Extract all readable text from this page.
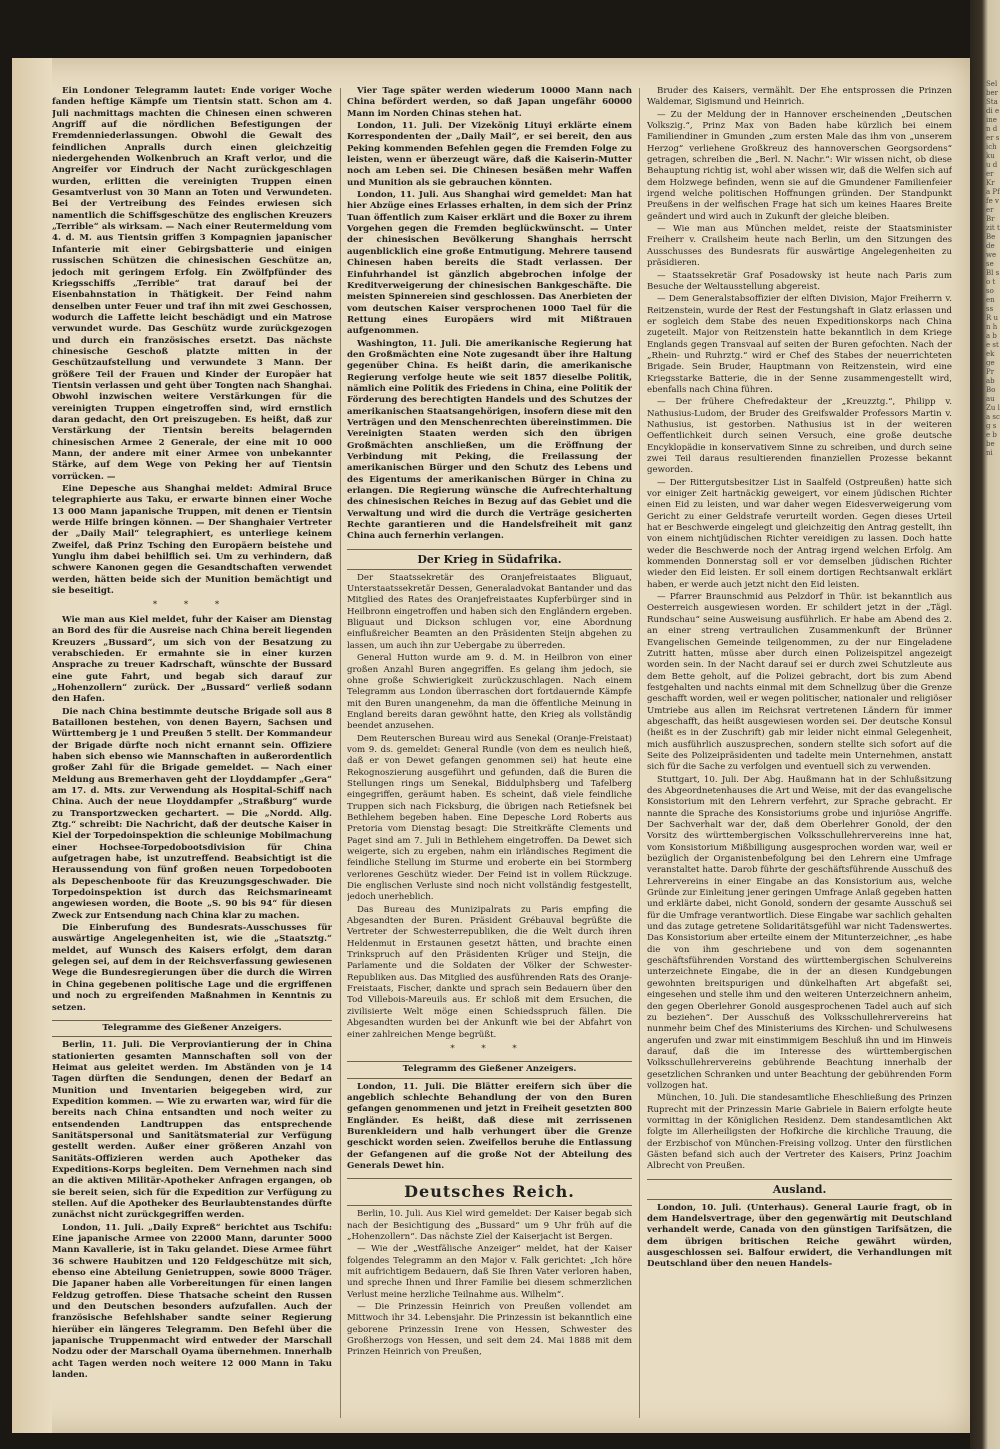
Sel ber Stadi einen der sich ku u der Kr a Pf fe ver Br zit t Be de we se Bl so t so en ss R un ha be st ek ge Pr ab Bo au Zu la sc g se b be ni

Ein Londoner Telegramm lautet: Ende voriger Woche fanden heftige Kämpfe um Tientsin statt. Schon am 4. Juli nachmittags machten die Chinesen einen schweren Angriff auf die nördlichen Befestigungen der Fremdenniederlassungen. Obwohl die Gewalt des feindlichen Anpralls durch einen gleichzeitig niedergehenden Wolkenbruch an Kraft verlor, und die Angreifer vor Eindruch der Nacht zurückgeschlagen wurden, erlitten die vereinigten Truppen einen Gesamtverlust von 30 Mann an Toten und Verwundeten. Bei der Vertreibung des Feindes erwiesen sich namentlich die Schiffsgeschütze des englischen Kreuzers „Terrible“ als wirksam. — Nach einer Reutermeldung vom 4. d. M. aus Tientsin griffen 3 Kompagnien japanischer Infanterie mit einer Gebirgsbatterie und einigen russischen Schützen die chinesischen Geschütze an, jedoch mit geringem Erfolg. Ein Zwölfpfünder des Kriegsschiffs „Terrible“ trat darauf bei der Eisenbahnstation in Thätigkeit. Der Feind nahm denselben unter Feuer und traf ihn mit zwei Geschossen, wodurch die Laffette leicht beschädigt und ein Matrose verwundet wurde. Das Geschütz wurde zurückgezogen und durch ein französisches ersetzt. Das nächste chinesische Geschoß platzte mitten in der Geschützaufstellung und verwundete 3 Mann. Der größere Teil der Frauen und Kinder der Europäer hat Tientsin verlassen und geht über Tongten nach Shanghai. Obwohl inzwischen weitere Verstärkungen für die vereinigten Truppen eingetroffen sind, wird ernstlich daran gedacht, den Ort preiszugeben. Es heißt, daß zur Verstärkung der Tientsin bereits belagernden chinesischen Armee 2 Generale, der eine mit 10 000 Mann, der andere mit einer Armee von unbekannter Stärke, auf dem Wege von Peking her auf Tientsin vorrücken. —

Eine Depesche aus Shanghai meldet: Admiral Bruce telegraphierte aus Taku, er erwarte binnen einer Woche 13 000 Mann japanische Truppen, mit denen er Tientsin werde Hilfe bringen können. — Der Shanghaier Vertreter der „Daily Mail“ telegraphiert, es unterliege keinem Zweifel, daß Prinz Tsching den Europäern beistehe und Yunglu ihm dabei behilflich sei. Um zu verhindern, daß schwere Kanonen gegen die Gesandtschaften verwendet werden, hätten beide sich der Munition bemächtigt und sie beseitigt.

* * *

Wie man aus Kiel meldet, fuhr der Kaiser am Dienstag an Bord des für die Ausreise nach China bereit liegenden Kreuzers „Bussard“, um sich von der Besatzung zu verabschieden. Er ermahnte sie in einer kurzen Ansprache zu treuer Kadrschaft, wünschte der Bussard eine gute Fahrt, und begab sich darauf zur „Hohenzollern“ zurück. Der „Bussard“ verließ sodann den Hafen.

Die nach China bestimmte deutsche Brigade soll aus 8 Bataillonen bestehen, von denen Bayern, Sachsen und Württemberg je 1 und Preußen 5 stellt. Der Kommandeur der Brigade dürfte noch nicht ernannt sein. Offiziere haben sich ebenso wie Mannschaften in außerordentlich großer Zahl für die Brigade gemeldet. — Nach einer Meldung aus Bremerhaven geht der Lloyddampfer „Gera“ am 17. d. Mts. zur Verwendung als Hospital-Schiff nach China. Auch der neue Lloyddampfer „Straßburg“ wurde zu Transportzwecken gechartert. — Die „Nordd. Allg. Ztg.“ schreibt: Die Nachricht, daß der deutsche Kaiser in Kiel der Torpedoinspektion die schleunige Mobilmachung einer Hochsee-Torpedobootsdivision für China aufgetragen habe, ist unzutreffend. Beabsichtigt ist die Heraussendung von fünf großen neuen Torpedobooten als Depeschenboote für das Kreuzungsgeschwader. Die Torpedoinspektion ist durch das Reichsmarineamt angewiesen worden, die Boote „S. 90 bis 94“ für diesen Zweck zur Entsendung nach China klar zu machen.

Die Einberufung des Bundesrats-Ausschusses für auswärtige Angelegenheiten ist, wie die „Staatsztg.“ meldet, auf Wunsch des Kaisers erfolgt, dem daran gelegen sei, auf dem in der Reichsverfassung gewiesenen Wege die Bundesregierungen über die durch die Wirren in China gegebenen politische Lage und die ergriffenen und noch zu ergreifenden Maßnahmen in Kenntnis zu setzen.

Telegramme des Gießener Anzeigers.

Berlin, 11. Juli. Die Verproviantierung der in China stationierten gesamten Mannschaften soll von der Heimat aus geleitet werden. Im Abständen von je 14 Tagen dürften die Sendungen, denen der Bedarf an Munition und Inventarien beigegeben wird, zur Expedition kommen. — Wie zu erwarten war, wird für die bereits nach China entsandten und noch weiter zu entsendenden Landtruppen das entsprechende Sanitätspersonal und Sanitätsmaterial zur Verfügung gestellt werden. Außer einer größeren Anzahl von Sanitäts-Offizieren werden auch Apotheker das Expeditions-Korps begleiten. Dem Vernehmen nach sind an die aktiven Militär-Apotheker Anfragen ergangen, ob sie bereit seien, sich für die Expedition zur Verfügung zu stellen. Auf die Apotheker des Beurlaubtenstandes dürfte zunächst nicht zurückgegriffen werden.

London, 11. Juli. „Daily Expreß“ berichtet aus Tschifu: Eine japanische Armee von 22000 Mann, darunter 5000 Mann Kavallerie, ist in Taku gelandet. Diese Armee führt 36 schwere Haubitzen und 120 Feldgeschütze mit sich, ebenso eine Abteilung Genietruppen, sowie 8000 Träger. Die Japaner haben alle Vorbereitungen für einen langen Feldzug getroffen. Diese Thatsache scheint den Russen und den Deutschen besonders aufzufallen. Auch der französische Befehlshaber sandte seiner Regierung hierüber ein längeres Telegramm. Den Befehl über die japanische Truppenmacht wird entweder der Marschall Nodzu oder der Marschall Oyama übernehmen. Innerhalb acht Tagen werden noch weitere 12 000 Mann in Taku landen.

Vier Tage später werden wiederum 10000 Mann nach China befördert werden, so daß Japan ungefähr 60000 Mann im Norden Chinas stehen hat.

London, 11. Juli. Der Vizekönig Lituyi erklärte einem Korrespondenten der „Daily Mail“, er sei bereit, den aus Peking kommenden Befehlen gegen die Fremden Folge zu leisten, wenn er überzeugt wäre, daß die Kaiserin-Mutter noch am Leben sei. Die Chinesen besäßen mehr Waffen und Munition als sie gebrauchen könnten.

London, 11. Juli. Aus Shanghai wird gemeldet: Man hat hier Abzüge eines Erlasses erhalten, in dem sich der Prinz Tuan öffentlich zum Kaiser erklärt und die Boxer zu ihrem Vorgehen gegen die Fremden beglückwünscht. — Unter der chinesischen Bevölkerung Shanghais herrscht augenblicklich eine große Entmutigung. Mehrere tausend Chinesen haben bereits die Stadt verlassen. Der Einfuhrhandel ist gänzlich abgebrochen infolge der Kreditverweigerung der chinesischen Bankgeschäfte. Die meisten Spinnereien sind geschlossen. Das Anerbieten der vom deutschen Kaiser versprochenen 1000 Tael für die Rettung eines Europäers wird mit Mißtrauen aufgenommen.

Washington, 11. Juli. Die amerikanische Regierung hat den Großmächten eine Note zugesandt über ihre Haltung gegenüber China. Es heißt darin, die amerikanische Regierung verfolge heute wie seit 1857 dieselbe Politik, nämlich eine Politik des Friedens in China, eine Politik der Förderung des berechtigten Handels und des Schutzes der amerikanischen Staatsangehörigen, insofern diese mit den Verträgen und den Menschenrechten übereinstimmen. Die Vereinigten Staaten werden sich den übrigen Großmächten anschließen, um die Eröffnung der Verbindung mit Peking, die Freilassung der amerikanischen Bürger und den Schutz des Lebens und des Eigentums der amerikanischen Bürger in China zu erlangen. Die Regierung wünsche die Aufrechterhaltung des chinesischen Reiches in Bezug auf das Gebiet und die Verwaltung und wird die durch die Verträge gesicherten Rechte garantieren und die Handelsfreiheit mit ganz China auch fernerhin verlangen.

Der Krieg in Südafrika.

Der Staatssekretär des Oranjefreistaates Bliguaut, Unterstaatssekretär Dessen, Generaladvokat Bantander und das Mitglied des Rates des Oranjefreistaates Kupferbürger sind in Heilbronn eingetroffen und haben sich den Engländern ergeben. Bliguaut und Dickson schlugen vor, eine Abordnung einflußreicher Beamten an den Präsidenten Steijn abgehen zu lassen, um auch ihn zur Uebergabe zu überreden.

General Hutton wurde am 9. d. M. in Heilbron von einer großen Anzahl Buren angegriffen. Es gelang ihm jedoch, sie ohne große Schwierigkeit zurückzuschlagen. Nach einem Telegramm aus London überraschen dort fortdauernde Kämpfe mit den Buren unangenehm, da man die öffentliche Meinung in England bereits daran gewöhnt hatte, den Krieg als vollständig beendet anzusehen.

Dem Reuterschen Bureau wird aus Senekal (Oranje-Freistaat) vom 9. ds. gemeldet: General Rundle (von dem es neulich hieß, daß er von Dewet gefangen genommen sei) hat heute eine Rekognoszierung ausgeführt und gefunden, daß die Buren die Stellungen rings um Senekal, Biddulphsberg und Tafelberg eingegriffen, geräumt haben. Es scheint, daß viele feindliche Truppen sich nach Ficksburg, die übrigen nach Retiefsnek bei Bethlehem begeben haben. Eine Depesche Lord Roberts aus Pretoria vom Dienstag besagt: Die Streitkräfte Clements und Paget sind am 7. Juli in Bethlehem eingetroffen. Da Dewet sich weigerte, sich zu ergeben, nahm ein irländisches Regiment die feindliche Stellung im Sturme und eroberte ein bei Stormberg verlorenes Geschütz wieder. Der Feind ist in vollem Rückzuge. Die englischen Verluste sind noch nicht vollständig festgestellt, jedoch unerheblich.

Das Bureau des Munizipalrats zu Paris empfing die Abgesandten der Buren. Präsident Grébauval begrüßte die Vertreter der Schwesterrepubliken, die die Welt durch ihren Heldenmut in Erstaunen gesetzt hätten, und brachte einen Trinkspruch auf den Präsidenten Krüger und Steijn, die Parlamente und die Soldaten der Völker der Schwester-Republiken aus. Das Mitglied des ausführenden Rats des Oranje-Freistaats, Fischer, dankte und sprach sein Bedauern über den Tod Villebois-Mareuils aus. Er schloß mit dem Ersuchen, die zivilisierte Welt möge einen Schiedsspruch fällen. Die Abgesandten wurden bei der Ankunft wie bei der Abfahrt von einer zahlreichen Menge begrüßt.

* * *
Telegramm des Gießener Anzeigers.

London, 11. Juli. Die Blätter ereifern sich über die angeblich schlechte Behandlung der von den Buren gefangen genommenen und jetzt in Freiheit gesetzten 800 Engländer. Es heißt, daß diese mit zerrissenen Burenkleidern und halb verhungert über die Grenze geschickt worden seien. Zweifellos beruhe die Entlassung der Gefangenen auf die große Not der Abteilung des Generals Dewet hin.

Deutsches Reich.

Berlin, 10. Juli. Aus Kiel wird gemeldet: Der Kaiser begab sich nach der Besichtigung des „Bussard“ um 9 Uhr früh auf die „Hohenzollern“. Das nächste Ziel der Kaiserjacht ist Bergen.

— Wie der „Westfälische Anzeiger“ meldet, hat der Kaiser folgendes Telegramm an den Major v. Falk gerichtet: „Ich höre mit aufrichtigem Bedauern, daß Sie Ihren Vater verloren haben, und spreche Ihnen und Ihrer Familie bei diesem schmerzlichen Verlust meine herzliche Teilnahme aus. Wilhelm“.

— Die Prinzessin Heinrich von Preußen vollendet am Mittwoch ihr 34. Lebensjahr. Die Prinzessin ist bekanntlich eine geborene Prinzessin Irene von Hessen, Schwester des Großherzogs von Hessen, und seit dem 24. Mai 1888 mit dem Prinzen Heinrich von Preußen,

Bruder des Kaisers, vermählt. Der Ehe entsprossen die Prinzen Waldemar, Sigismund und Heinrich.

— Zu der Meldung der in Hannover erscheinenden „Deutschen Volkszig.“, Prinz Max von Baden habe kürzlich bei einem Familiendiner in Gmunden „zum ersten Male das ihm von „unserem Herzog“ verliehene Großkreuz des hannoverschen Georgsordens“ getragen, schreiben die „Berl. N. Nachr.“: Wir wissen nicht, ob diese Behauptung richtig ist, wohl aber wissen wir, daß die Welfen sich auf dem Holzwege befinden, wenn sie auf die Gmundener Familienfeier irgend welche politischen Hoffnungen gründen. Der Standpunkt Preußens in der welfischen Frage hat sich um keines Haares Breite geändert und wird auch in Zukunft der gleiche bleiben.

— Wie man aus München meldet, reiste der Staatsminister Freiherr v. Crailsheim heute nach Berlin, um den Sitzungen des Ausschusses des Bundesrats für auswärtige Angelegenheiten zu präsidieren.

— Staatssekretär Graf Posadowsky ist heute nach Paris zum Besuche der Weltausstellung abgereist.

— Dem Generalstabsoffizier der elften Division, Major Freiherrn v. Reitzenstein, wurde der Rest der Festungshaft in Glatz erlassen und er sogleich dem Stabe des neuen Expeditionskorps nach China zugeteilt. Major von Reitzenstein hatte bekanntlich in dem Kriege Englands gegen Transvaal auf seiten der Buren gefochten. Nach der „Rhein- und Ruhrztg.“ wird er Chef des Stabes der neuerrichteten Brigade. Sein Bruder, Hauptmann von Reitzenstein, wird eine Kriegsstarke Batterie, die in der Senne zusammengestellt wird, ebenfalls nach China führen.

— Der frühere Chefredakteur der „Kreuzztg.“, Philipp v. Nathusius-Ludom, der Bruder des Greifswalder Professors Martin v. Nathusius, ist gestorben. Nathusius ist in der weiteren Oeffentlichkeit durch seinen Versuch, eine große deutsche Encyklopädie in konservativem Sinne zu schreiben, und durch seine zwei Teil daraus resultierenden finanziellen Prozesse bekannt geworden.

— Der Rittergutsbesitzer List in Saalfeld (Ostpreußen) hatte sich vor einiger Zeit hartnäckig geweigert, vor einem jüdischen Richter einen Eid zu leisten, und war daher wegen Eidesverweigerung vom Gericht zu einer Geldstrafe verurteilt worden. Gegen dieses Urteil hat er Beschwerde eingelegt und gleichzeitig den Antrag gestellt, ihn von einem nichtjüdischen Richter vereidigen zu lassen. Doch hatte weder die Beschwerde noch der Antrag irgend welchen Erfolg. Am kommenden Donnerstag soll er vor demselben jüdischen Richter wieder den Eid leisten. Er soll einem dortigen Rechtsanwalt erklärt haben, er werde auch jetzt nicht den Eid leisten.

— Pfarrer Braunschmid aus Pelzdorf in Thür. ist bekanntlich aus Oesterreich ausgewiesen worden. Er schildert jetzt in der „Tägl. Rundschau“ seine Ausweisung ausführlich. Er habe am Abend des 2. an einer streng vertraulichen Zusammenkunft der Brünner Evangelischen Gemeinde teilgenommen, zu der nur Eingeladene Zutritt hatten, müsse aber durch einen Polizeispitzel angezeigt worden sein. In der Nacht darauf sei er durch zwei Schutzleute aus dem Bette geholt, auf die Polizei gebracht, dort bis zum Abend festgehalten und nachts einmal mit dem Schnellzug über die Grenze geschafft worden, weil er wegen politischer, nationaler und religiöser Umtriebe aus allen im Reichsrat vertretenen Ländern für immer abgeschafft, das heißt ausgewiesen worden sei. Der deutsche Konsul (heißt es in der Zuschrift) gab mir leider nicht einmal Gelegenheit, mich ausführlich auszusprechen, sondern stellte sich sofort auf die Seite des Polizeipräsidenten und tadelte mein Unternehmen, anstatt sich für die Sache zu verfolgen und eventuell sich zu verwenden.

Stuttgart, 10. Juli. Der Abg. Haußmann hat in der Schlußsitzung des Abgeordnetenhauses die Art und Weise, mit der das evangelische Konsistorium mit den Lehrern verfehrt, zur Sprache gebracht. Er nannte die Sprache des Konsistoriums grobe und injuriöse Angriffe. Der Sachverhalt war der, daß dem Oberlehrer Gonold, der den Vorsitz des württembergischen Volksschullehrervereins inne hat, vom Konsistorium Mißbilligung ausgesprochen worden war, weil er bezüglich der Organistenbefolgung bei den Lehrern eine Umfrage veranstaltet hatte. Darob führte der geschäftsführende Ausschuß des Lehrervereins in einer Eingabe an das Konsistorium aus, welche Gründe zur Einleitung jener geringen Umfrage Anlaß gegeben hatten und erklärte dabei, nicht Gonold, sondern der gesamte Ausschuß sei für die Umfrage verantwortlich. Diese Eingabe war sachlich gehalten und das zutage getretene Solidaritätsgefühl war nicht Tadenswertes. Das Konsistorium aber erteilte einem der Mitunterzeichner, „es habe die von ihm geschriebene und von dem sogenannten geschäftsführenden Vorstand des württembergischen Schulvereins unterzeichnete Eingabe, die in der an diesen Kundgebungen gewohnten breitspurigen und dünkelhaften Art abgefaßt sei, eingesehen und stelle ihm und den weiteren Unterzeichnern anheim, den gegen Oberlehrer Gonold ausgesprochenen Tadel auch auf sich zu beziehen“. Der Ausschuß des Volksschullehrervereins hat nunmehr beim Chef des Ministeriums des Kirchen- und Schulwesens angerufen und zwar mit einstimmigem Beschluß ihn und im Hinweis darauf, daß die im Interesse des württembergischen Volksschullehrervereins gebührende Beachtung innerhalb der gesetzlichen Schranken und unter Beachtung der gebührenden Form vollzogen hat.

München, 10. Juli. Die standesamtliche Eheschließung des Prinzen Ruprecht mit der Prinzessin Marie Gabriele in Baiern erfolgte heute vormittag in der Königlichen Residenz. Dem standesamtlichen Akt folgte im Allerheiligsten der Hofkirche die kirchliche Trauung, die der Erzbischof von München-Freising vollzog. Unter den fürstlichen Gästen befand sich auch der Vertreter des Kaisers, Prinz Joachim Albrecht von Preußen.

Ausland.

London, 10. Juli. (Unterhaus). General Laurie fragt, ob in dem Handelsvertrage, über den gegenwärtig mit Deutschland verhandelt werde, Canada von den günstigen Tarifsätzen, die dem übrigen britischen Reiche gewährt würden, ausgeschlossen sei. Balfour erwidert, die Verhandlungen mit Deutschland über den neuen Handels-
